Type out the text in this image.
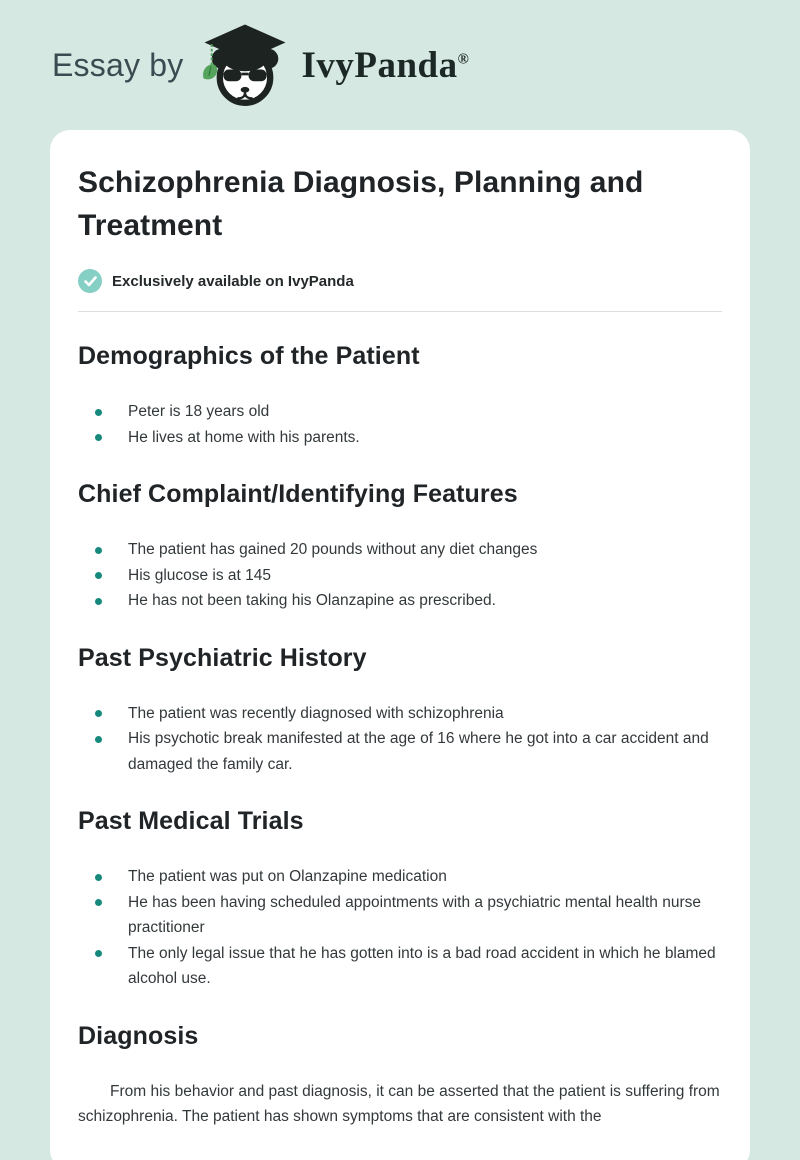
Essay by	IvyPanda®
Schizophrenia Diagnosis, Planning and Treatment
Exclusively available on IvyPanda
Demographics of the Patient
Peter is 18 years old
He lives at home with his parents.
Chief Complaint/Identifying Features
The patient has gained 20 pounds without any diet changes
His glucose is at 145
He has not been taking his Olanzapine as prescribed.
Past Psychiatric History
The patient was recently diagnosed with schizophrenia
His psychotic break manifested at the age of 16 where he got into a car accident and damaged the family car.
Past Medical Trials
The patient was put on Olanzapine medication
He has been having scheduled appointments with a psychiatric mental health nurse practitioner
The only legal issue that he has gotten into is a bad road accident in which he blamed alcohol use.
Diagnosis

From his behavior and past diagnosis, it can be asserted that the patient is suffering from schizophrenia. The patient has shown symptoms that are consistent with the
